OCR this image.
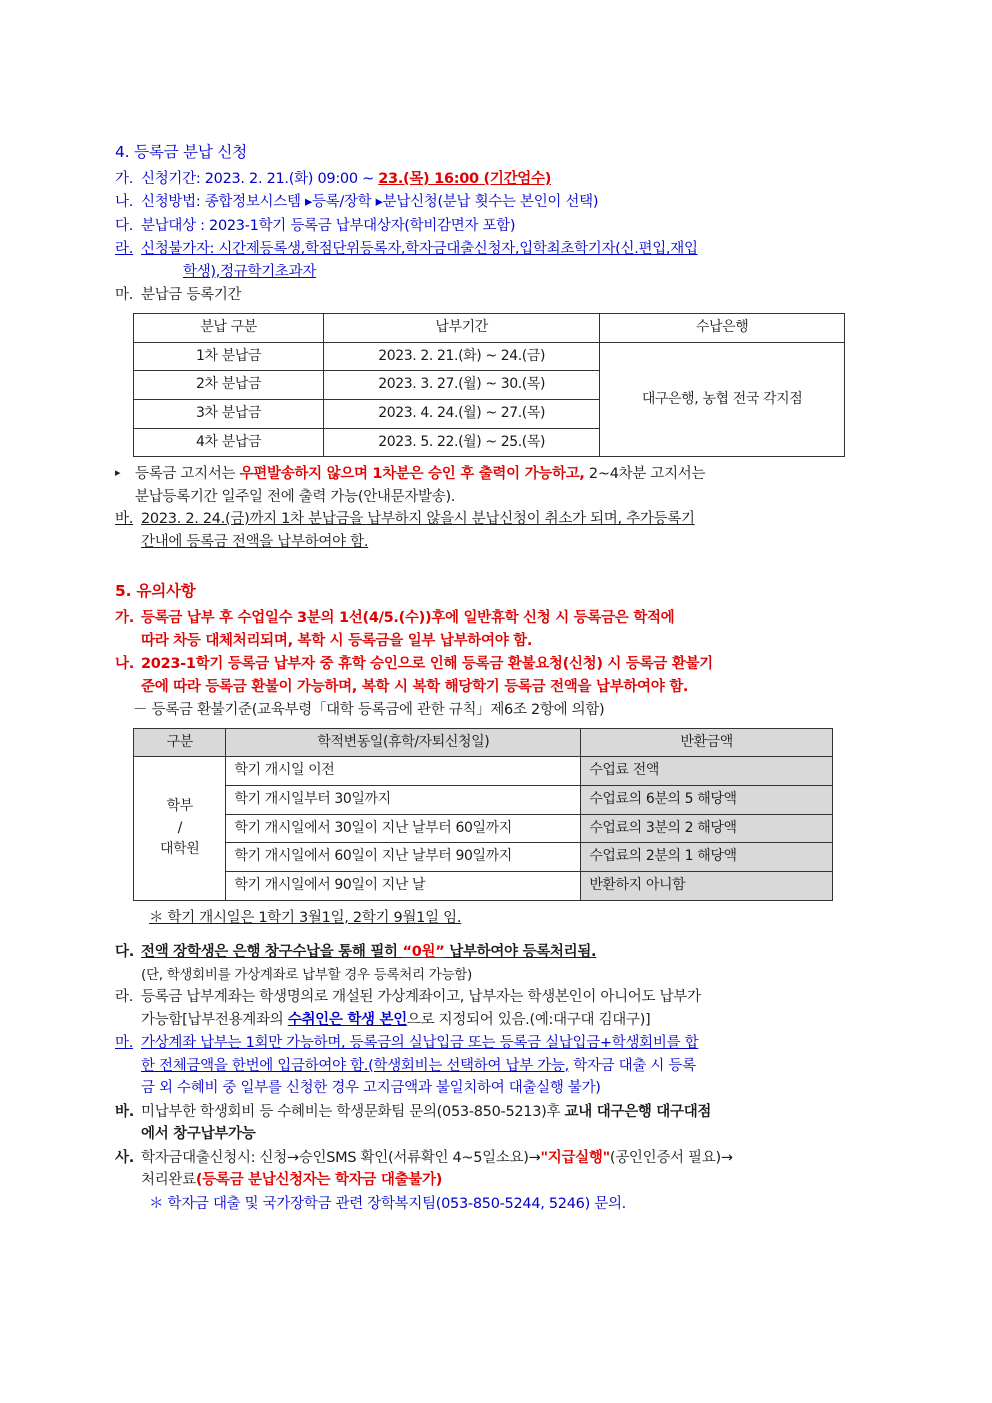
4. 등록금 분납 신청
가. 신청기간: 2023. 2. 21.(화) 09:00 ~ 23.(목) 16:00 (기간엄수)
나. 신청방법: 종합정보시스템 ▸등록/장학 ▸분납신청(분납 횟수는 본인이 선택)
다. 분납대상 : 2023-1학기 등록금 납부대상자(학비감면자 포함)
라. 신청불가자: 시간제등록생,학점단위등록자,학자금대출신청자,입학최초학기자(신.편입,재입
학생),정규학기초과자
마. 분납금 등록기간
분납 구분	납부기간	수납은행
1차 분납금	2023. 2. 21.(화) ~ 24.(금)	대구은행, 농협 전국 각지점
2차 분납금	2023. 3. 27.(월) ~ 30.(목)	
3차 분납금	2023. 4. 24.(월) ~ 27.(목)	
4차 분납금	2023. 5. 22.(월) ~ 25.(목)	
▸	등록금 고지서는 우편발송하지 않으며 1차분은 승인 후 출력이 가능하고, 2~4차분 고지서는
분납등록기간 일주일 전에 출력 가능(안내문자발송).
바. 2023. 2. 24.(금)까지 1차 분납금을 납부하지 않을시 분납신청이 취소가 되며, 추가등록기
간내에 등록금 전액을 납부하여야 함.
5. 유의사항
가. 등록금 납부 후 수업일수 3분의 1선(4/5.(수))후에 일반휴학 신청 시 등록금은 학적에
따라 차등 대체처리되며, 복학 시 등록금을 일부 납부하여야 함.
나. 2023-1학기 등록금 납부자 중 휴학 승인으로 인해 등록금 환불요청(신청) 시 등록금 환불기
준에 따라 등록금 환불이 가능하며, 복학 시 복학 해당학기 등록금 전액을 납부하여야 함.
－ 등록금 환불기준(교육부령「대학 등록금에 관한 규칙」제6조 2항에 의함)
구분	학적변동일(휴학/자퇴신청일)	반환금액
학부
/
대학원	학기 개시일 이전	수업료 전액
	학기 개시일부터 30일까지	수업료의 6분의 5 해당액
	학기 개시일에서 30일이 지난 날부터 60일까지	수업료의 3분의 2 해당액
	학기 개시일에서 60일이 지난 날부터 90일까지	수업료의 2분의 1 해당액
	학기 개시일에서 90일이 지난 날	반환하지 아니함
＊ 학기 개시일은 1학기 3월1일, 2학기 9월1일 임.
다. 전액 장학생은 은행 창구수납을 통해 필히 “0원” 납부하여야 등록처리됨.
(단, 학생회비를 가상계좌로 납부할 경우 등록처리 가능함)
라. 등록금 납부계좌는 학생명의로 개설된 가상계좌이고, 납부자는 학생본인이 아니어도 납부가
가능함[납부전용계좌의 수취인은 학생 본인으로 지정되어 있음.(예:대구대 김대구)]
마. 가상계좌 납부는 1회만 가능하며, 등록금의 실납입금 또는 등록금 실납입금+학생회비를 합
한 전체금액을 한번에 입금하여야 함.(학생회비는 선택하여 납부 가능, 학자금 대출 시 등록
금 외 수혜비 중 일부를 신청한 경우 고지금액과 불일치하여 대출실행 불가)
바. 미납부한 학생회비 등 수혜비는 학생문화팀 문의(053-850-5213)후 교내 대구은행 대구대점
에서 창구납부가능
사. 학자금대출신청시: 신청→승인SMS 확인(서류확인 4~5일소요)→"지급실행"(공인인증서 필요)→
처리완료(등록금 분납신청자는 학자금 대출불가)
＊ 학자금 대출 및 국가장학금 관련 장학복지팀(053-850-5244, 5246) 문의.
